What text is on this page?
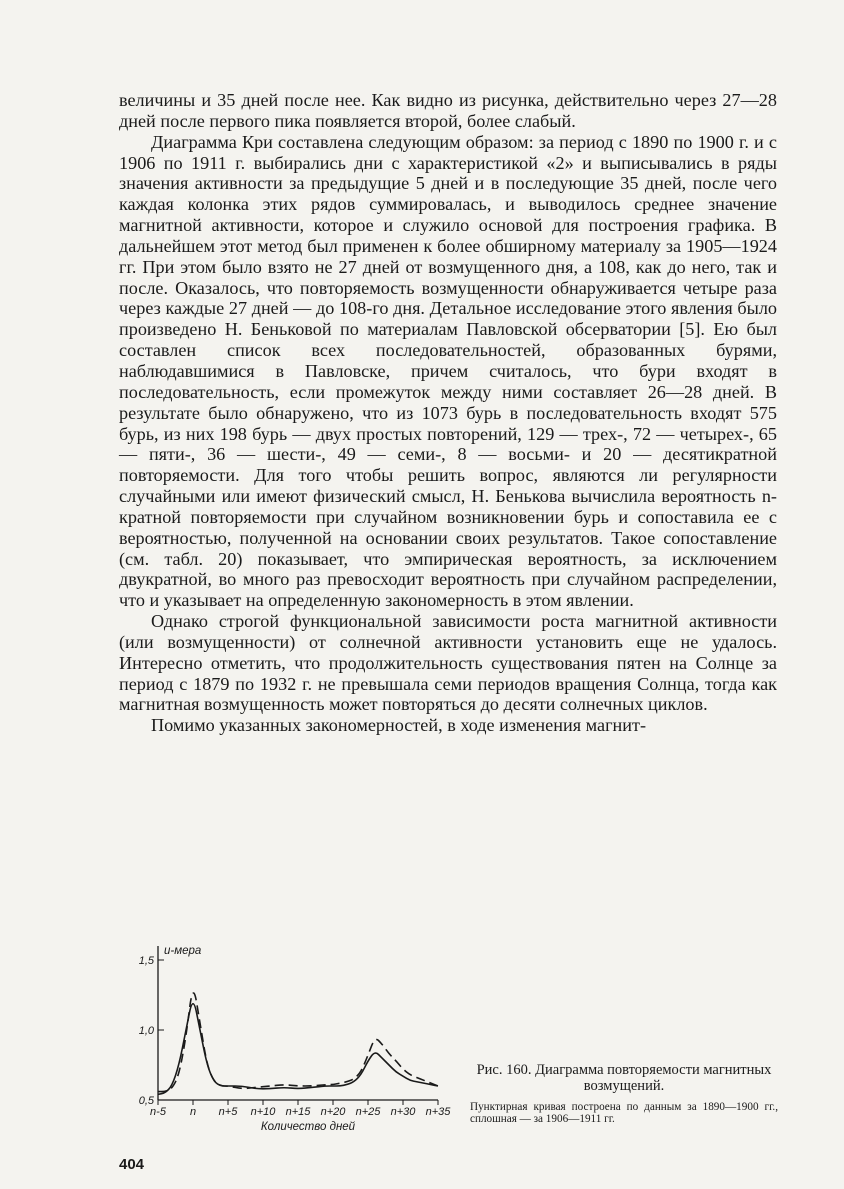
величины и 35 дней после нее. Как видно из рисунка, действительно через 27—28 дней после первого пика появляется второй, более слабый.

Диаграмма Кри составлена следующим образом: за период с 1890 по 1900 г. и с 1906 по 1911 г. выбирались дни с характеристикой «2» и выписывались в ряды значения активности за предыдущие 5 дней и в последующие 35 дней, после чего каждая колонка этих рядов суммировалась, и выводилось среднее значение магнитной активности, которое и служило основой для построения графика. В дальнейшем этот метод был применен к более обширному материалу за 1905—1924 гг. При этом было взято не 27 дней от возмущенного дня, а 108, как до него, так и после. Оказалось, что повторяемость возмущенности обнаруживается четыре раза через каждые 27 дней — до 108-го дня. Детальное исследование этого явления было произведено Н. Беньковой по материалам Павловской обсерватории [5]. Ею был составлен список всех последовательностей, образованных бурями, наблюдавшимися в Павловске, причем считалось, что бури входят в последовательность, если промежуток между ними составляет 26—28 дней. В результате было обнаружено, что из 1073 бурь в последовательность входят 575 бурь, из них 198 бурь — двух простых повторений, 129 — трех-, 72 — четырех-, 65 — пяти-, 36 — шести-, 49 — семи-, 8 — восьми- и 20 — десятикратной повторяемости. Для того чтобы решить вопрос, являются ли регулярности случайными или имеют физический смысл, Н. Бенькова вычислила вероятность n-кратной повторяемости при случайном возникновении бурь и сопоставила ее с вероятностью, полученной на основании своих результатов. Такое сопоставление (см. табл. 20) показывает, что эмпирическая вероятность, за исключением двукратной, во много раз превосходит вероятность при случайном распределении, что и указывает на определенную закономерность в этом явлении.

Однако строгой функциональной зависимости роста магнитной активности (или возмущенности) от солнечной активности установить еще не удалось. Интересно отметить, что продолжительность существования пятен на Солнце за период с 1879 по 1932 г. не превышала семи периодов вращения Солнца, тогда как магнитная возмущенность может повторяться до десяти солнечных циклов.

Помимо указанных закономерностей, в ходе изменения магнит-

1,5
1,0
0,5
n-5 n n+5 n+10 n+15 n+20 n+25 n+30 n+35
u-мера
Количество дней
Рис. 160. Диаграмма повторяемости магнитных возмущений.
Пунктирная кривая построена по данным за 1890—1900 гг., сплошная — за 1906—1911 гг.
404
